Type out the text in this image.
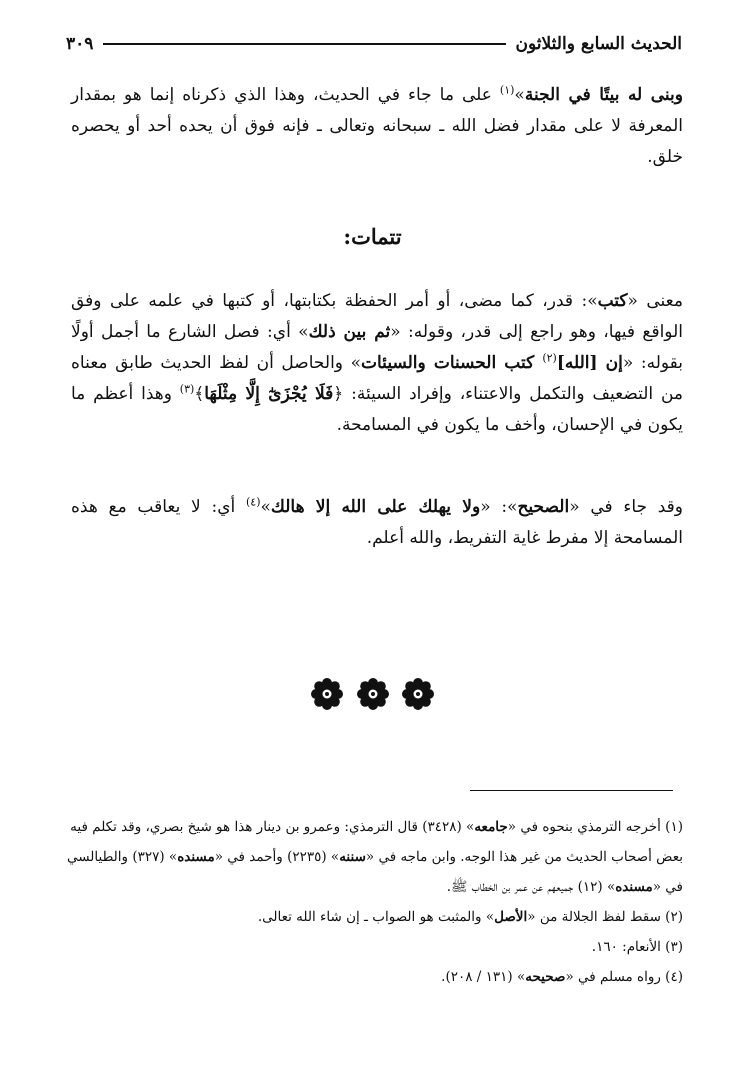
الحديث السابع والثلاثون
٣٠٩

وبنى له بيتًا في الجنة»$^{(١)}$ على ما جاء في الحديث، وهذا الذي ذكرناه إنما هو بمقدار المعرفة لا على مقدار فضل الله ـ سبحانه وتعالى ـ فإنه فوق أن يحده أحد أو يحصره خلق.

تتمات:

معنى «كتب»: قدر، كما مضى، أو أمر الحفظة بكتابتها، أو كتبها في علمه على وفق الواقع فيها، وهو راجع إلى قدر، وقوله: «ثم بين ذلك» أي: فصل الشارع ما أجمل أولًا بقوله: «إن [الله]$^{(٢)}$ كتب الحسنات والسيئات» والحاصل أن لفظ الحديث طابق معناه من التضعيف والتكمل والاعتناء، وإفراد السيئة: ﴿فَلَا يُجْزَىٰٓ إِلَّا مِثْلَهَا﴾$^{(٣)}$ وهذا أعظم ما يكون في الإحسان، وأخف ما يكون في المسامحة.

وقد جاء في «الصحيح»: «ولا يهلك على الله إلا هالك»$^{(٤)}$ أي: لا يعاقب مع هذه المسامحة إلا مفرط غاية التفريط، والله أعلم.

(١) أخرجه الترمذي بنحوه في «جامعه» (٣٤٢٨) قال الترمذي: وعمرو بن دينار هذا هو شيخ بصري، وقد تكلم فيه بعض أصحاب الحديث من غير هذا الوجه. وابن ماجه في «سننه» (٢٢٣٥) وأحمد في «مسنده» (٣٢٧) والطيالسي في «مسنده» (١٢) جميعهم عن عمر بن الخطاب ﷺ.

(٢) سقط لفظ الجلالة من «الأصل» والمثبت هو الصواب ـ إن شاء الله تعالى.

(٣) الأنعام: ١٦٠.

(٤) رواه مسلم في «صحيحه» (١٣١ / ٢٠٨).
